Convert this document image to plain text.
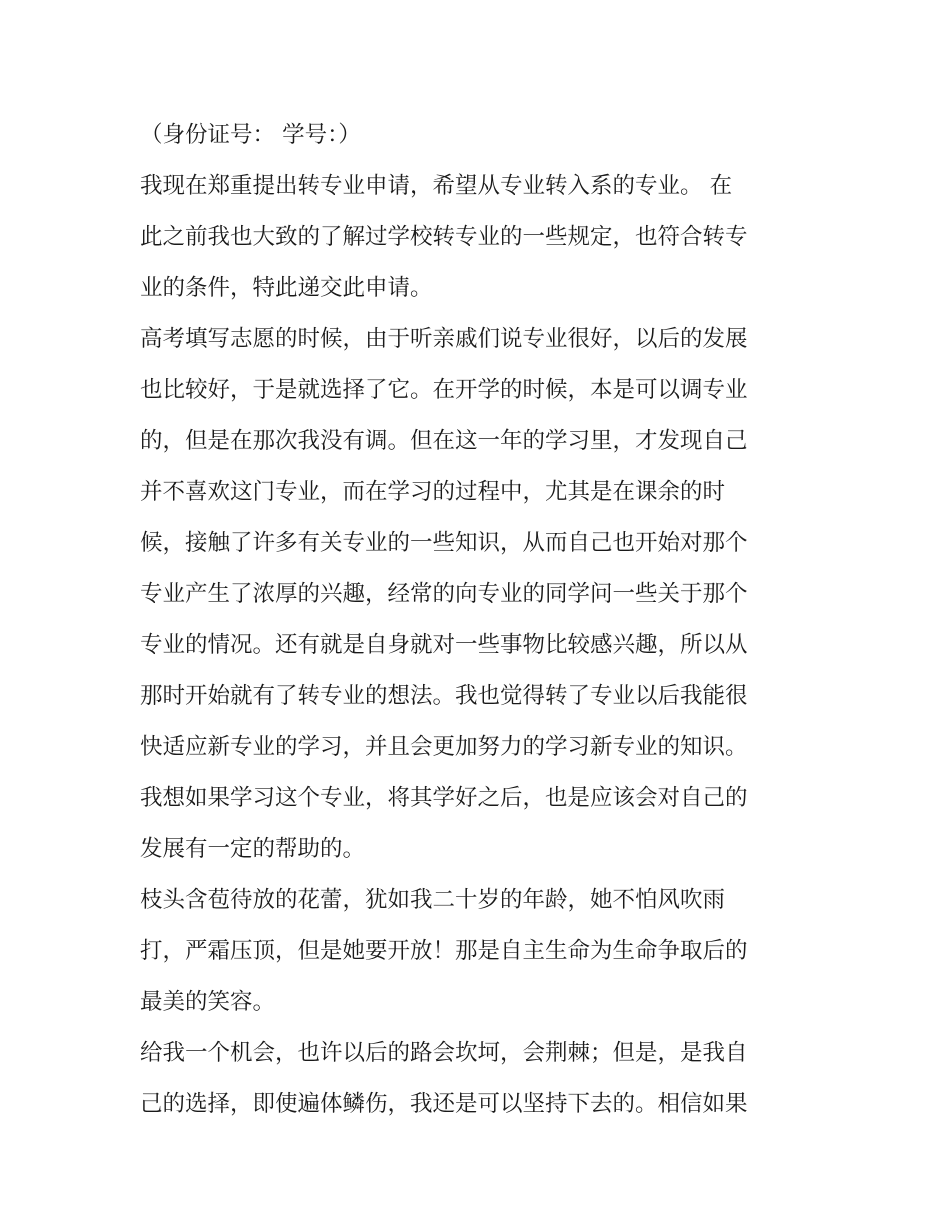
（身份证号： 学号：）
我现在郑重提出转专业申请，希望从专业转入系的专业。 在
此之前我也大致的了解过学校转专业的一些规定，也符合转专
业的条件，特此递交此申请。
高考填写志愿的时候，由于听亲戚们说专业很好，以后的发展
也比较好，于是就选择了它。在开学的时候，本是可以调专业
的，但是在那次我没有调。但在这一年的学习里，才发现自己
并不喜欢这门专业，而在学习的过程中，尤其是在课余的时
候，接触了许多有关专业的一些知识，从而自己也开始对那个
专业产生了浓厚的兴趣，经常的向专业的同学问一些关于那个
专业的情况。还有就是自身就对一些事物比较感兴趣，所以从
那时开始就有了转专业的想法。我也觉得转了专业以后我能很
快适应新专业的学习，并且会更加努力的学习新专业的知识。
我想如果学习这个专业，将其学好之后，也是应该会对自己的
发展有一定的帮助的。
枝头含苞待放的花蕾，犹如我二十岁的年龄，她不怕风吹雨
打，严霜压顶，但是她要开放！那是自主生命为生命争取后的
最美的笑容。
给我一个机会，也许以后的路会坎坷，会荆棘；但是，是我自
己的选择，即使遍体鳞伤，我还是可以坚持下去的。相信如果
